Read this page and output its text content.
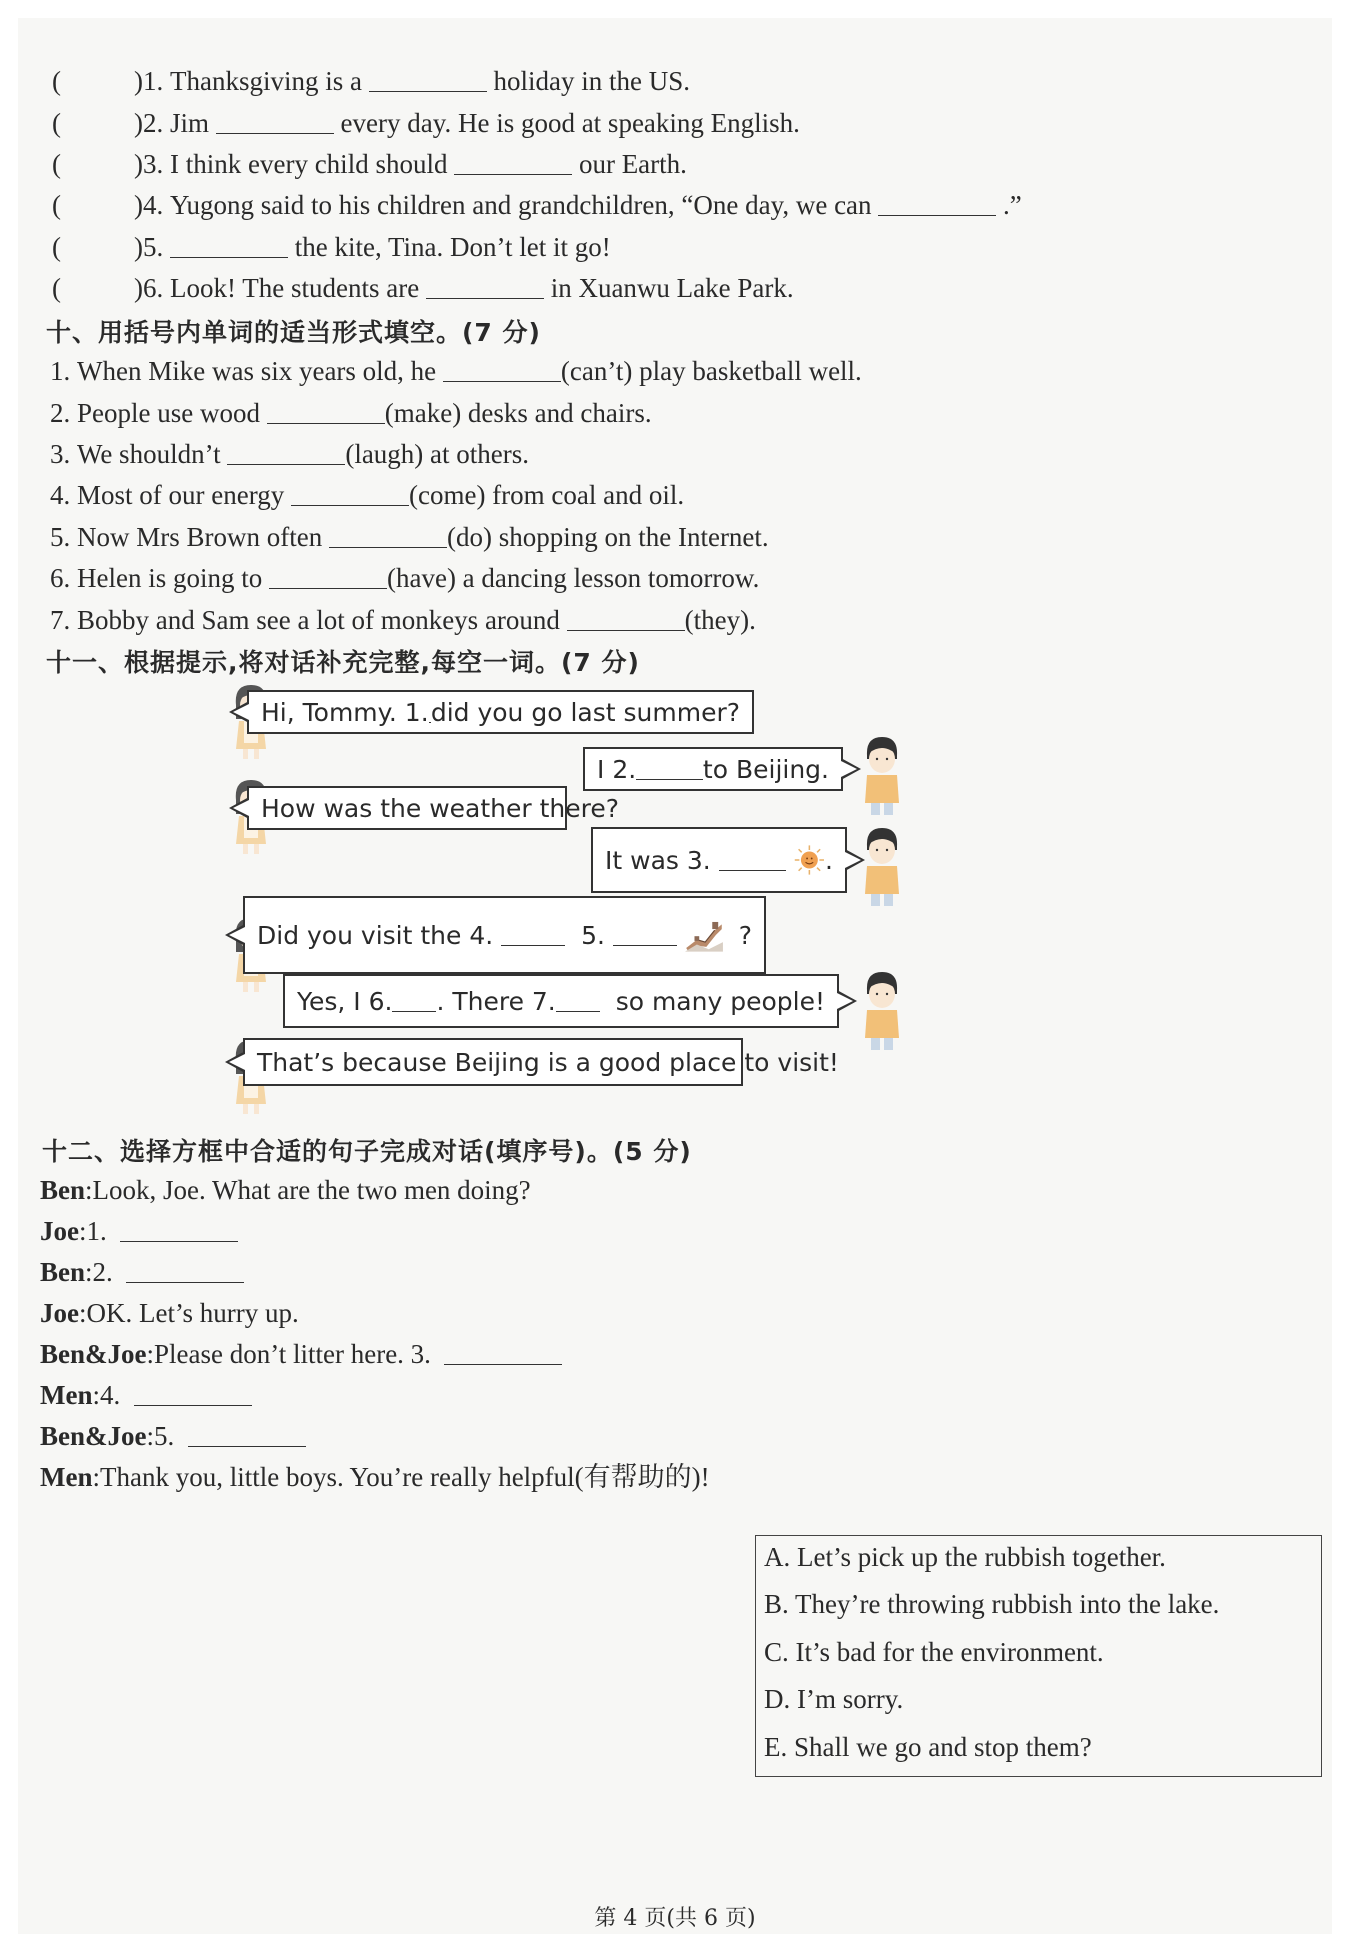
(	)1. Thanksgiving is a	holiday in the US.
(	)2. Jim	every day. He is good at speaking English.
(	)3. I think every child should	our Earth.
(	)4. Yugong said to his children and grandchildren, “One day, we can	.”
(	)5.	the kite, Tina. Don’t let it go!
(	)6. Look! The students are	in Xuanwu Lake Park.
十、用括号内单词的适当形式填空。(7 分)
1. When Mike was six years old, he	(can’t) play basketball well.
2. People use wood	(make) desks and chairs.
3. We shouldn’t	(laugh) at others.
4. Most of our energy	(come) from coal and oil.
5. Now Mrs Brown often	(do) shopping on the Internet.
6. Helen is going to	(have) a dancing lesson tomorrow.
7. Bobby and Sam see a lot of monkeys around	(they).
十一、根据提示,将对话补充完整,每空一词。(7 分)
Hi, Tommy. 1. did you go last summer?
I 2.	to Beijing.
How was the weather there?
It was 3.

	.
Did you visit the 4.

	5.

	?
Yes, I 6. . There 7.
so many people!
That’s because Beijing is a good place to visit!
十二、选择方框中合适的句子完成对话(填序号)。(5 分)
Ben:Look, Joe. What are the two men doing?
Joe:1.
Ben:2.
Joe:OK. Let’s hurry up.
Ben&Joe:Please don’t litter here. 3.
Men:4.
Ben&Joe:5.
Men:Thank you, little boys. You’re really helpful(有帮助的)!
A. Let’s pick up the rubbish together.
B. They’re throwing rubbish into the lake.
C. It’s bad for the environment.
D. I’m sorry.
E. Shall we go and stop them?
第 4 页(共 6 页)
